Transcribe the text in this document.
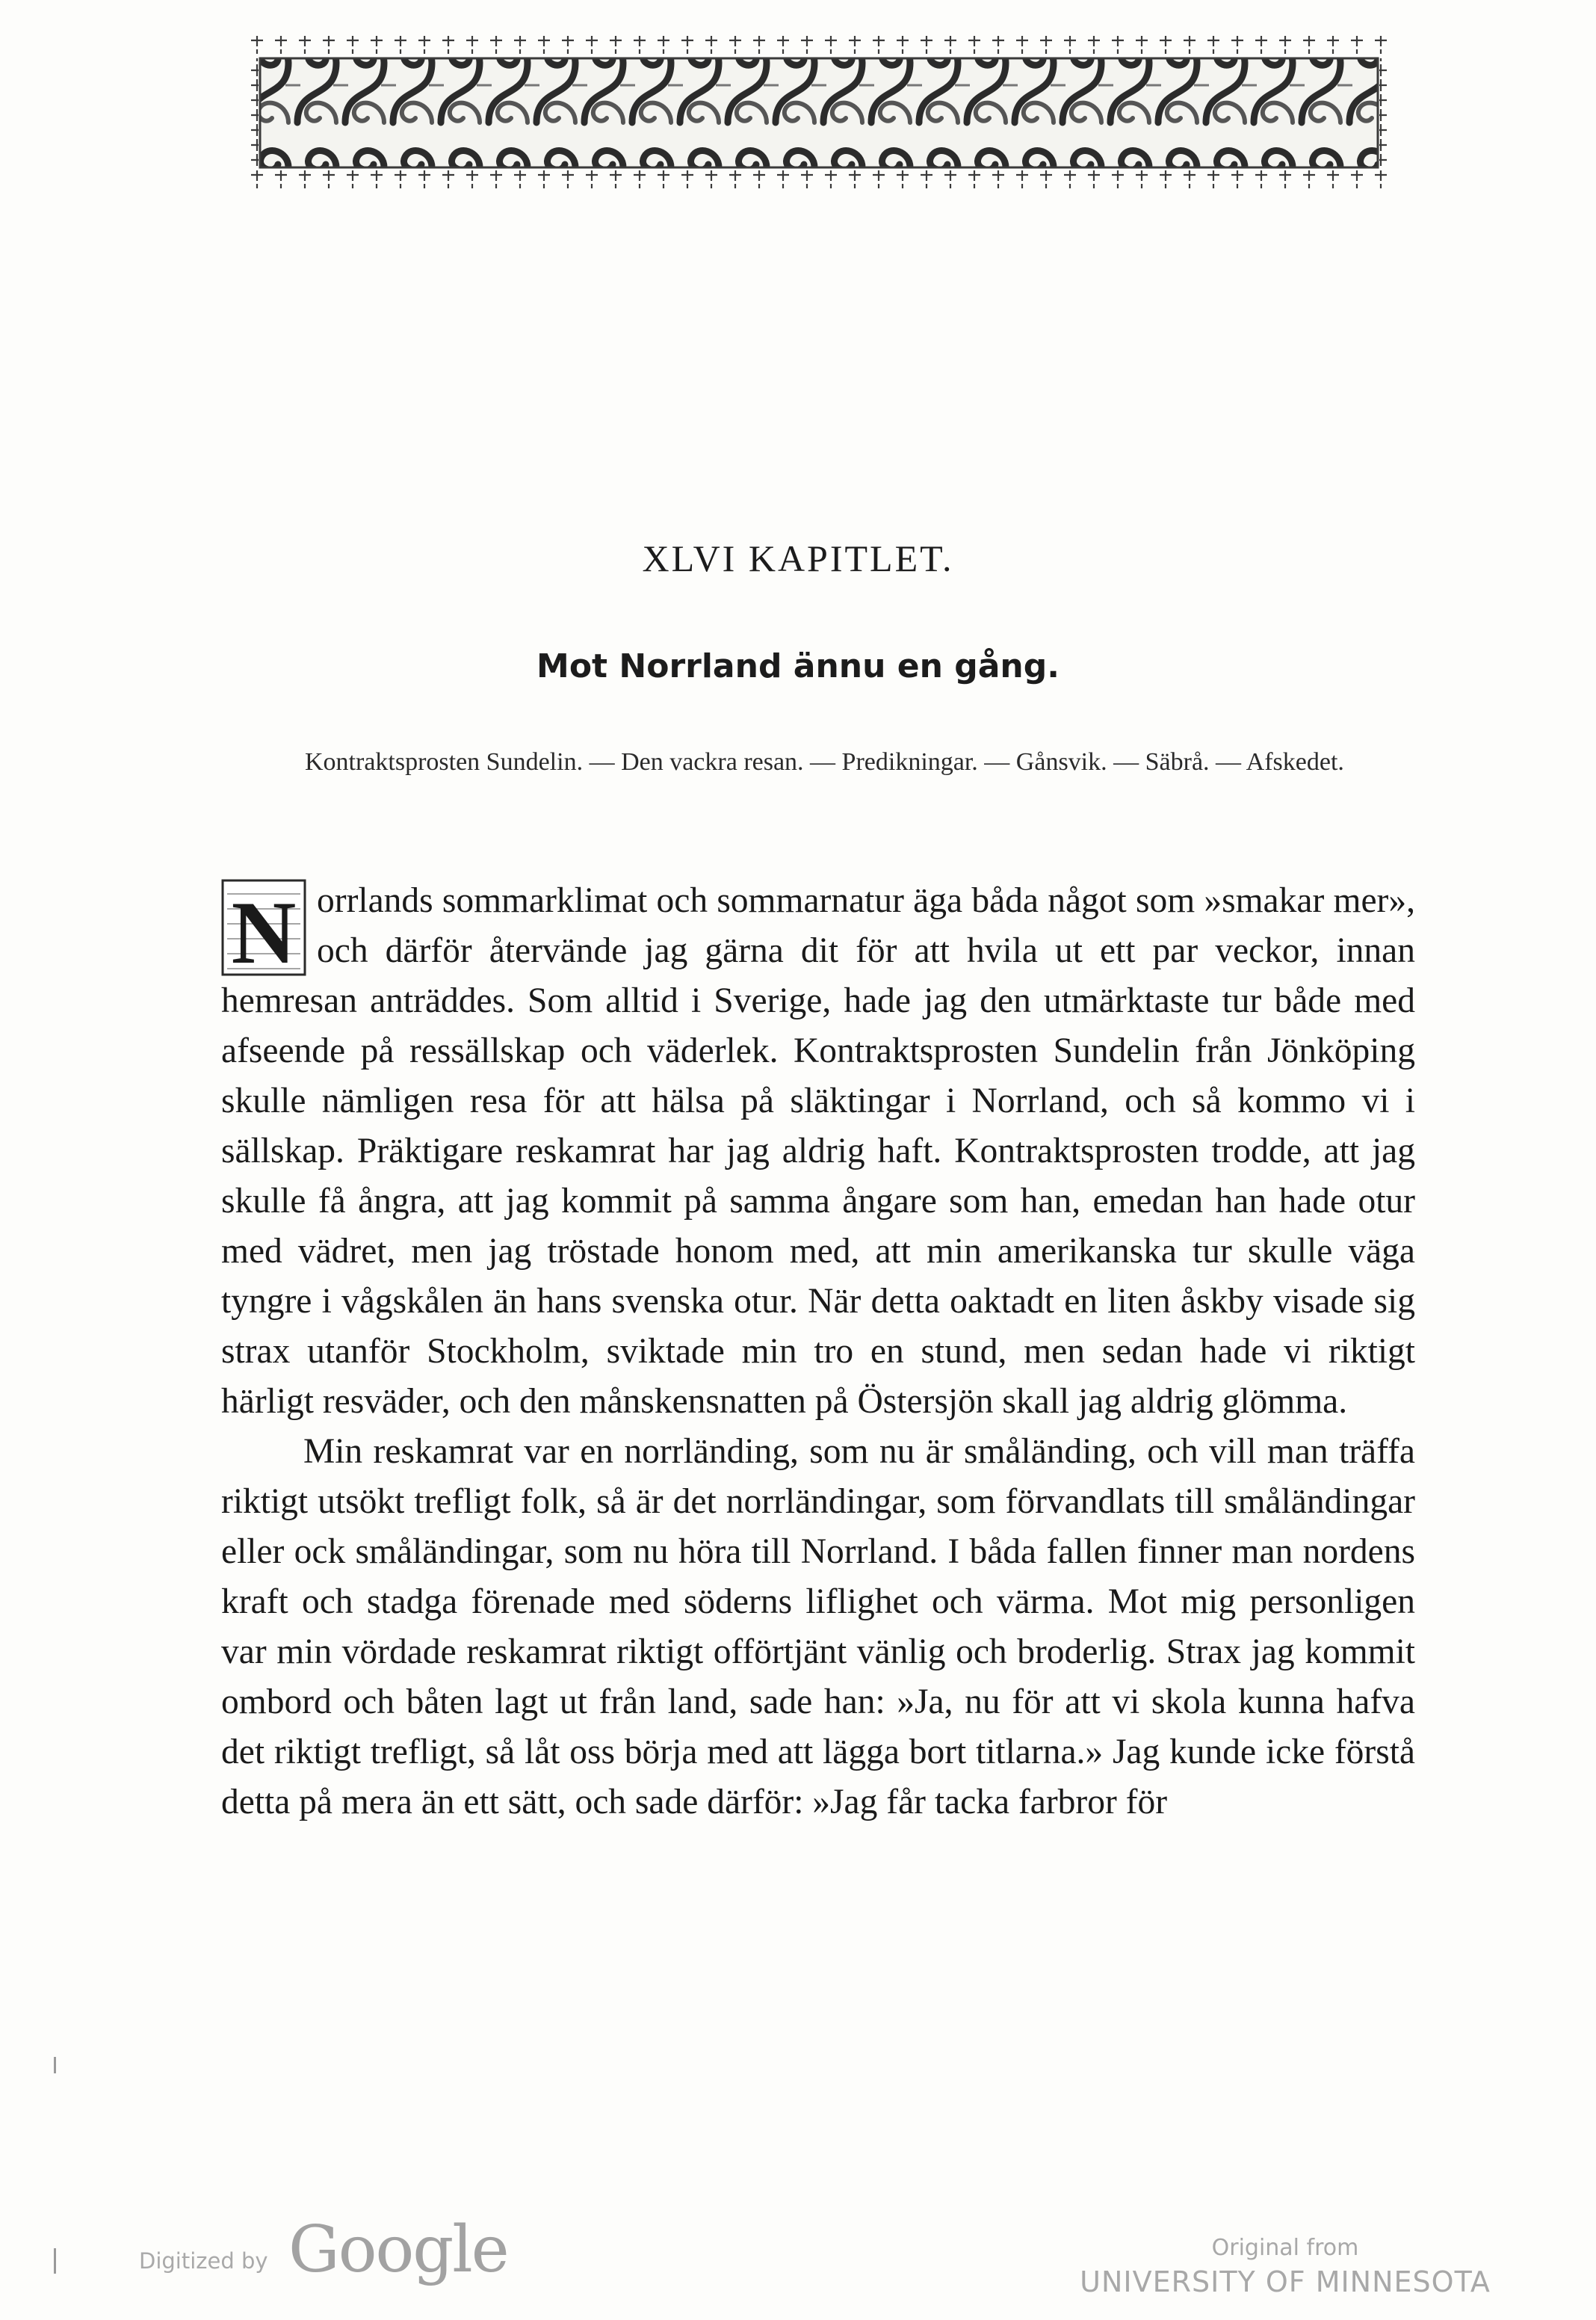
XLVI KAPITLET.
Mot Norrland ännu en gång.
Kontraktsprosten Sundelin. — Den vackra resan. — Predikningar. — Gånsvik. — Säbrå. — Afskedet.

N orrlands sommarklimat och sommarnatur äga båda något som »smakar mer», och därför återvände jag gärna dit för att hvila ut ett par veckor, innan hemresan anträddes. Som alltid i Sverige, hade jag den utmärktaste tur både med afseende på ressällskap och väderlek. Kontraktsprosten Sundelin från Jönköping skulle nämligen resa för att hälsa på släktingar i Norrland, och så kommo vi i sällskap. Präktigare reskamrat har jag aldrig haft. Kontraktsprosten trodde, att jag skulle få ångra, att jag kommit på samma ångare som han, emedan han hade otur med vädret, men jag tröstade honom med, att min amerikanska tur skulle väga tyngre i vågskålen än hans svenska otur. När detta oaktadt en liten åskby visade sig strax utanför Stockholm, sviktade min tro en stund, men sedan hade vi riktigt härligt resväder, och den månskensnatten på Östersjön skall jag aldrig glömma.

Min reskamrat var en norrländing, som nu är småländing, och vill man träffa riktigt utsökt trefligt folk, så är det norrländingar, som förvandlats till småländingar eller ock småländingar, som nu höra till Norrland. I båda fallen finner man nordens kraft och stadga förenade med söderns liflighet och värma. Mot mig personligen var min vördade reskamrat riktigt offörtjänt vänlig och broderlig. Strax jag kommit ombord och båten lagt ut från land, sade han: »Ja, nu för att vi skola kunna hafva det riktigt trefligt, så låt oss börja med att lägga bort titlarna.» Jag kunde icke förstå detta på mera än ett sätt, och sade därför: »Jag får tacka farbror för

Digitized by Google	Original from
UNIVERSITY OF MINNESOTA
